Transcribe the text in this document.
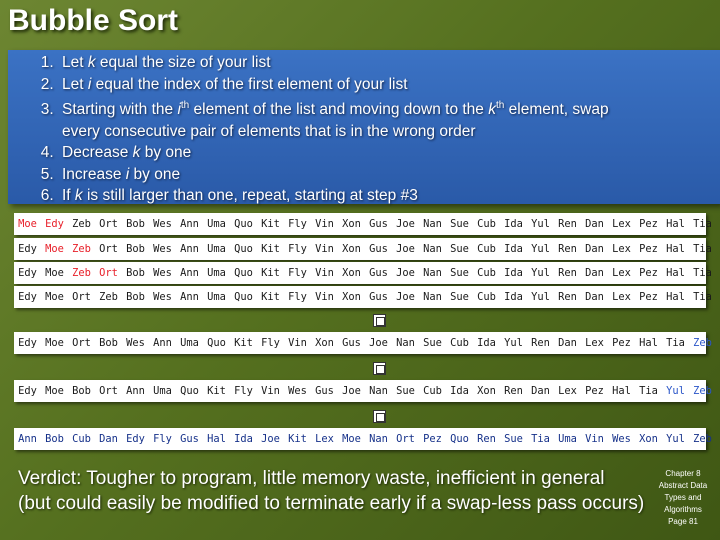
Bubble Sort
1. Let k equal the size of your list
2. Let i equal the index of the first element of your list
3. Starting with the $i^{th}$ element of the list and moving down to the $k^{th}$ element, swap
every consecutive pair of elements that is in the wrong order
4. Decrease k by one
5. Increase i by one
6. If k is still larger than one, repeat, starting at step #3
Moe Edy Zeb Ort Bob Wes Ann Uma Quo Kit Fly Vin Xon Gus Joe Nan Sue Cub Ida Yul Ren Dan Lex Pez Hal Tia
Edy Moe Zeb Ort Bob Wes Ann Uma Quo Kit Fly Vin Xon Gus Joe Nan Sue Cub Ida Yul Ren Dan Lex Pez Hal Tia
Edy Moe Zeb Ort Bob Wes Ann Uma Quo Kit Fly Vin Xon Gus Joe Nan Sue Cub Ida Yul Ren Dan Lex Pez Hal Tia
Edy Moe Ort Zeb Bob Wes Ann Uma Quo Kit Fly Vin Xon Gus Joe Nan Sue Cub Ida Yul Ren Dan Lex Pez Hal Tia
Edy Moe Ort Bob Wes Ann Uma Quo Kit Fly Vin Xon Gus Joe Nan Sue Cub Ida Yul Ren Dan Lex Pez Hal Tia Zeb
Edy Moe Bob Ort Ann Uma Quo Kit Fly Vin Wes Gus Joe Nan Sue Cub Ida Xon Ren Dan Lex Pez Hal Tia Yul Zeb
Ann Bob Cub Dan Edy Fly Gus Hal Ida Joe Kit Lex Moe Nan Ort Pez Quo Ren Sue Tia Uma Vin Wes Xon Yul Zeb
Verdict: Tougher to program, little memory waste, inefficient in general
(but could easily be modified to terminate early if a swap-less pass occurs)
Chapter 8
Abstract Data
Types and
Algorithms
Page 81
